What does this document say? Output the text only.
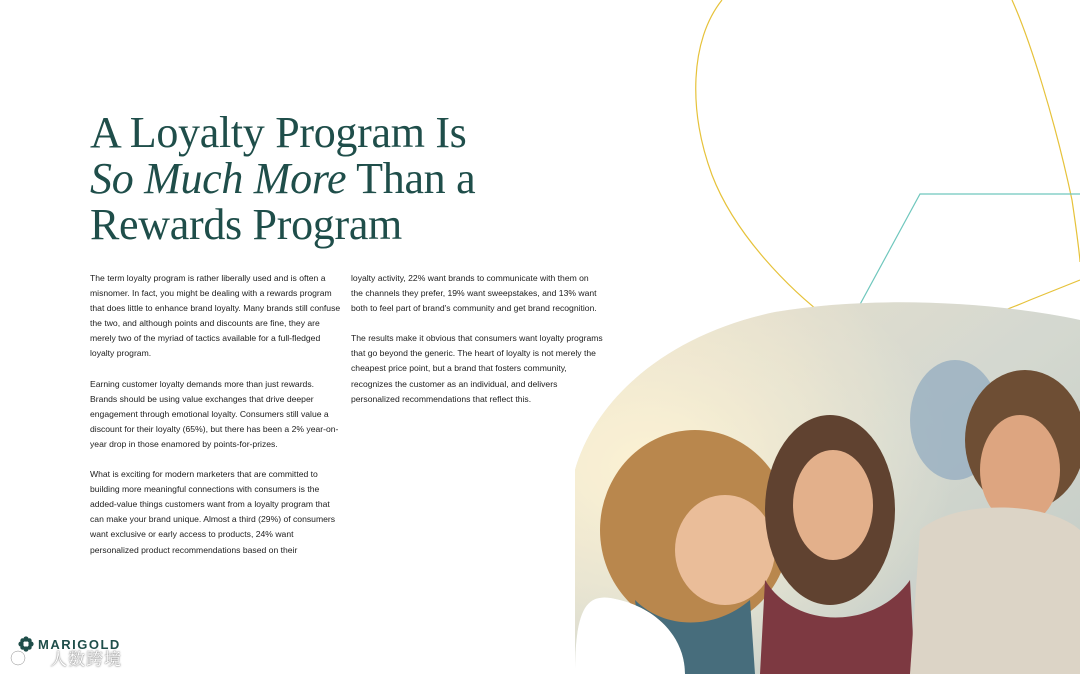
A Loyalty Program Is
So Much More Than a
Rewards Program

The term loyalty program is rather liberally used and is often a misnomer. In fact, you might be dealing with a rewards program that does little to enhance brand loyalty. Many brands still confuse the two, and although points and discounts are fine, they are merely two of the myriad of tactics available for a full-fledged loyalty program.

Earning customer loyalty demands more than just rewards. Brands should be using value exchanges that drive deeper engagement through emotional loyalty. Consumers still value a discount for their loyalty (65%), but there has been a 2% year-on-year drop in those enamored by points-for-prizes.

What is exciting for modern marketers that are committed to building more meaningful connections with consumers is the added-value things customers want from a loyalty program that can make your brand unique. Almost a third (29%) of consumers want exclusive or early access to products, 24% want personalized product recommendations based on their

loyalty activity, 22% want brands to communicate with them on the channels they prefer, 19% want sweepstakes, and 13% want both to feel part of brand's community and get brand recognition.

The results make it obvious that consumers want loyalty programs that go beyond the generic. The heart of loyalty is not merely the cheapest price point, but a brand that fosters community, recognizes the customer as an individual, and delivers personalized recommendations that reflect this.

MARIGOLD
人数跨境
